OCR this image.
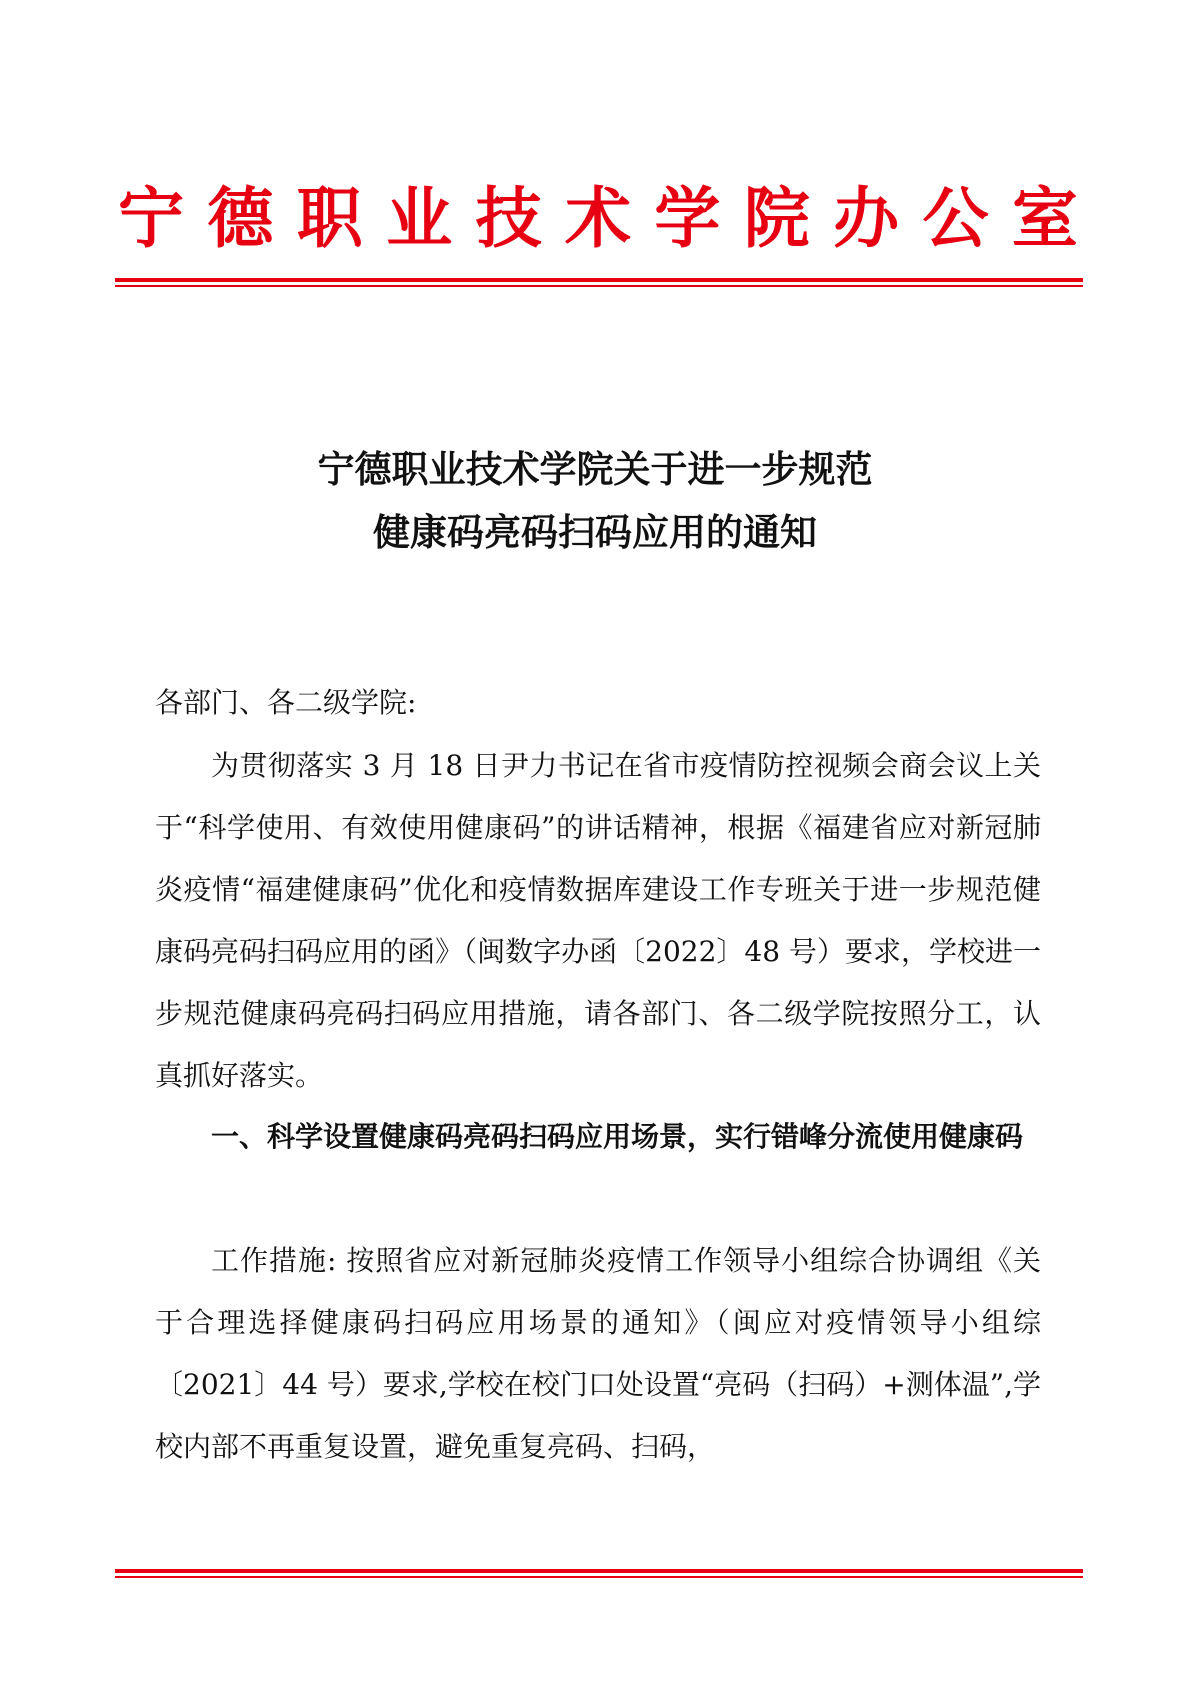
宁 德 职 业 技 术 学 院 办 公 室
宁德职业技术学院关于进一步规范
健康码亮码扫码应用的通知
各部门、各二级学院:
为贯彻落实 3 月 18 日尹力书记在省市疫情防控视频会商会议上关于“科学使用、有效使用健康码”的讲话精神，根据《福建省应对新冠肺炎疫情“福建健康码”优化和疫情数据库建设工作专班关于进一步规范健康码亮码扫码应用的函》（闽数字办函〔2022〕48 号）要求，学校进一步规范健康码亮码扫码应用措施，请各部门、各二级学院按照分工，认真抓好落实。
一、科学设置健康码亮码扫码应用场景，实行错峰分流使用健康码
工作措施: 按照省应对新冠肺炎疫情工作领导小组综合协调组《关于合理选择健康码扫码应用场景的通知》（闽应对疫情领导小组综〔2021〕44 号）要求,学校在校门口处设置“亮码（扫码）+测体温”,学校内部不再重复设置，避免重复亮码、扫码，
